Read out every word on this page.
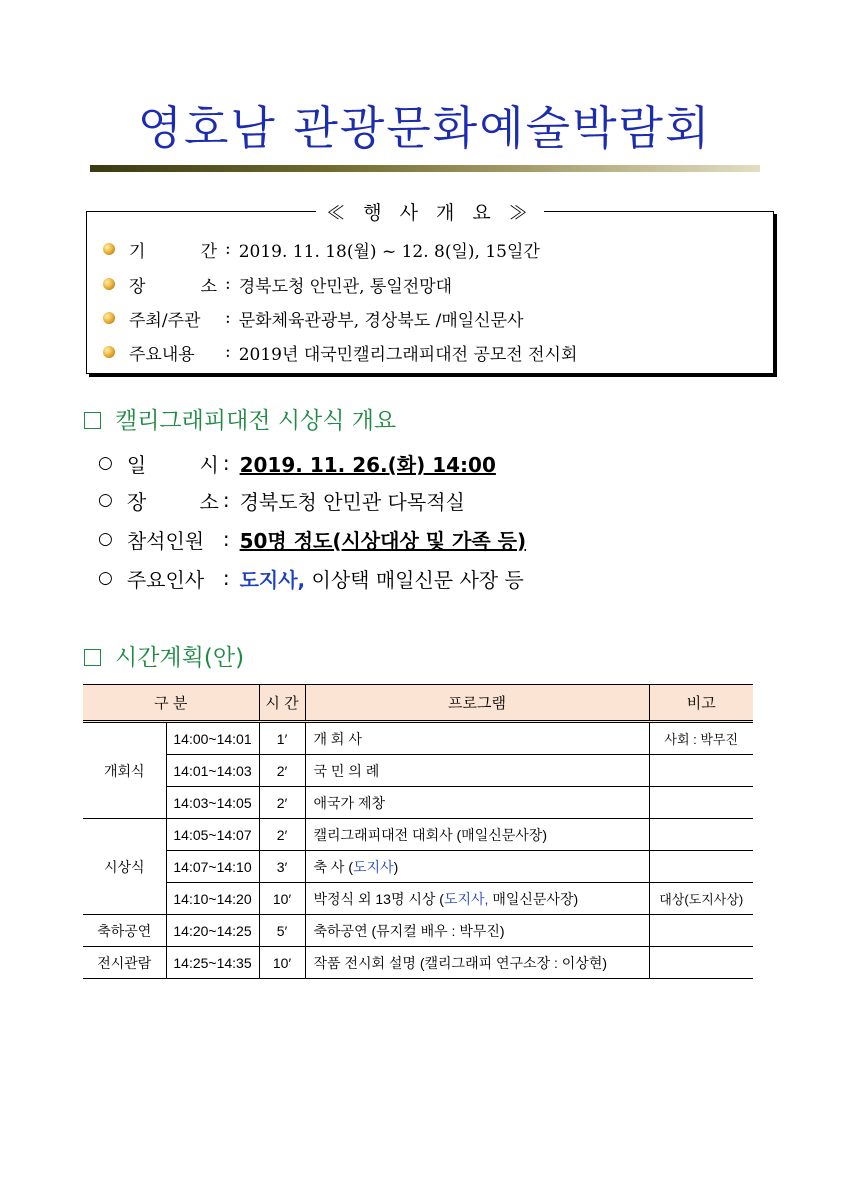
영호남 관광문화예술박람회
≪ 행 사 개 요 ≫
기 간 : 2019. 11. 18(월) ~ 12. 8(일), 15일간
장 소 : 경북도청 안민관, 통일전망대
주최/주관	: 문화체육관광부, 경상북도 /매일신문사
주요내용	: 2019년 대국민캘리그래피대전 공모전 전시회
캘리그래피대전 시상식 개요
○ 일 시 : 2019. 11. 26.(화) 14:00
○ 장 소 : 경북도청 안민관 다목적실
○ 참석인원 : 50명 정도(시상대상 및 가족 등)
○ 주요인사 : 도지사, 이상택 매일신문 사장 등
시간계획(안)
구 분		시 간	프로그램	비고
개회식	14:00~14:01	1′	개 회 사	사회 : 박무진
	14:01~14:03	2′	국 민 의 례	
	14:03~14:05	2′	애국가 제창	
시상식	14:05~14:07	2′	캘리그래피대전 대회사 (매일신문사장)	
	14:07~14:10	3′	축 사 (도지사)	
	14:10~14:20	10′	박정식 외 13명 시상 (도지사, 매일신문사장)	대상(도지사상)
축하공연	14:20~14:25	5′	축하공연 (뮤지컬 배우 : 박무진)	
전시관람	14:25~14:35	10′	작품 전시회 설명 (캘리그래피 연구소장 : 이상현)	
